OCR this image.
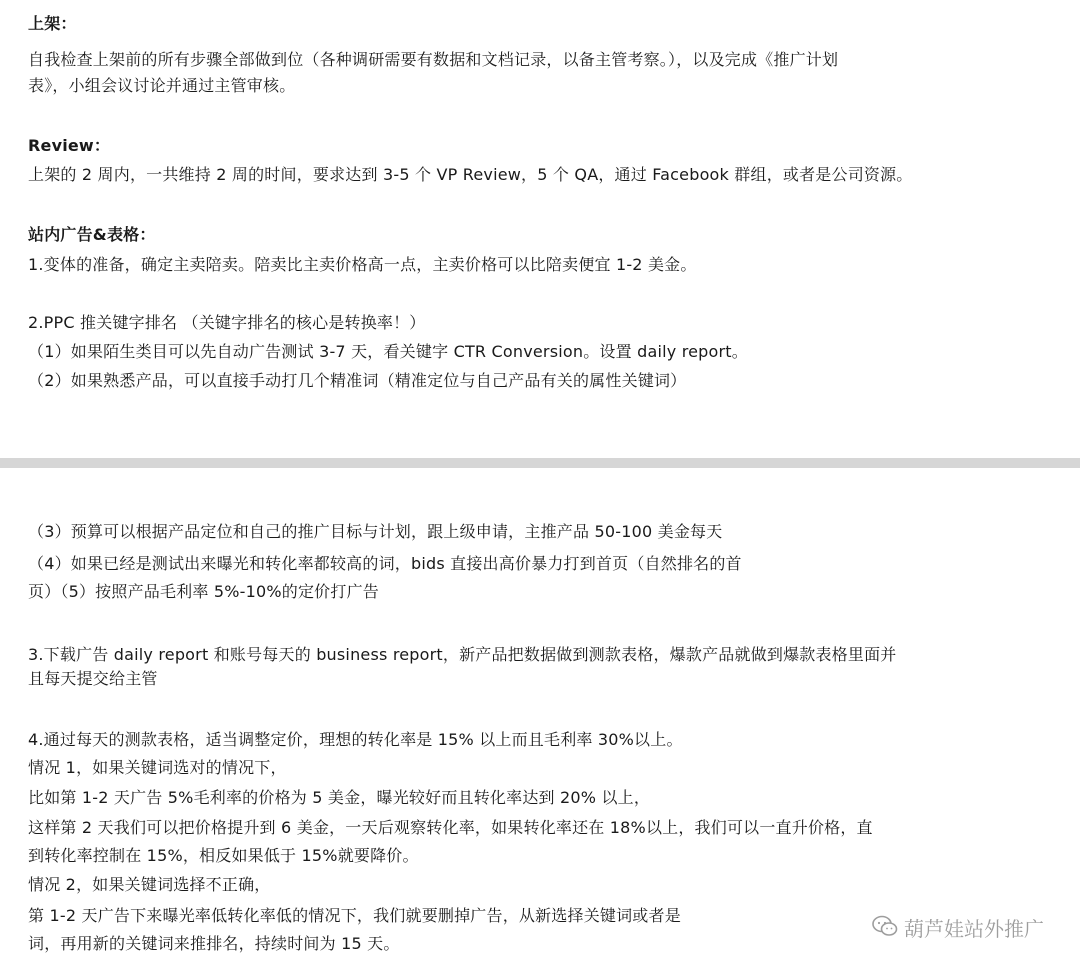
上架：
自我检查上架前的所有步骤全部做到位（各种调研需要有数据和文档记录，以备主管考察。），以及完成《推广计划
表》，小组会议讨论并通过主管审核。
Review：
上架的 2 周内，一共维持 2 周的时间，要求达到 3-5 个 VP Review，5 个 QA，通过 Facebook 群组，或者是公司资源。
站内广告&表格：
1.变体的准备，确定主卖陪卖。陪卖比主卖价格高一点，主卖价格可以比陪卖便宜 1-2 美金。
2.PPC 推关键字排名 （关键字排名的核心是转换率！）
（1）如果陌生类目可以先自动广告测试 3-7 天，看关键字 CTR Conversion。设置 daily report。
（2）如果熟悉产品，可以直接手动打几个精准词（精准定位与自己产品有关的属性关键词）
（3）预算可以根据产品定位和自己的推广目标与计划，跟上级申请，主推产品 50-100 美金每天
（4）如果已经是测试出来曝光和转化率都较高的词，bids 直接出高价暴力打到首页（自然排名的首
页）（5）按照产品毛利率 5%-10%的定价打广告
3.下载广告 daily report 和账号每天的 business report，新产品把数据做到测款表格，爆款产品就做到爆款表格里面并
且每天提交给主管
4.通过每天的测款表格，适当调整定价，理想的转化率是 15% 以上而且毛利率 30%以上。
情况 1，如果关键词选对的情况下，
比如第 1-2 天广告 5%毛利率的价格为 5 美金，曝光较好而且转化率达到 20% 以上，
这样第 2 天我们可以把价格提升到 6 美金，一天后观察转化率，如果转化率还在 18%以上，我们可以一直升价格，直
到转化率控制在 15%，相反如果低于 15%就要降价。
情况 2，如果关键词选择不正确，
第 1-2 天广告下来曝光率低转化率低的情况下，我们就要删掉广告，从新选择关键词或者是
词，再用新的关键词来推排名，持续时间为 15 天。
葫芦娃站外推广
